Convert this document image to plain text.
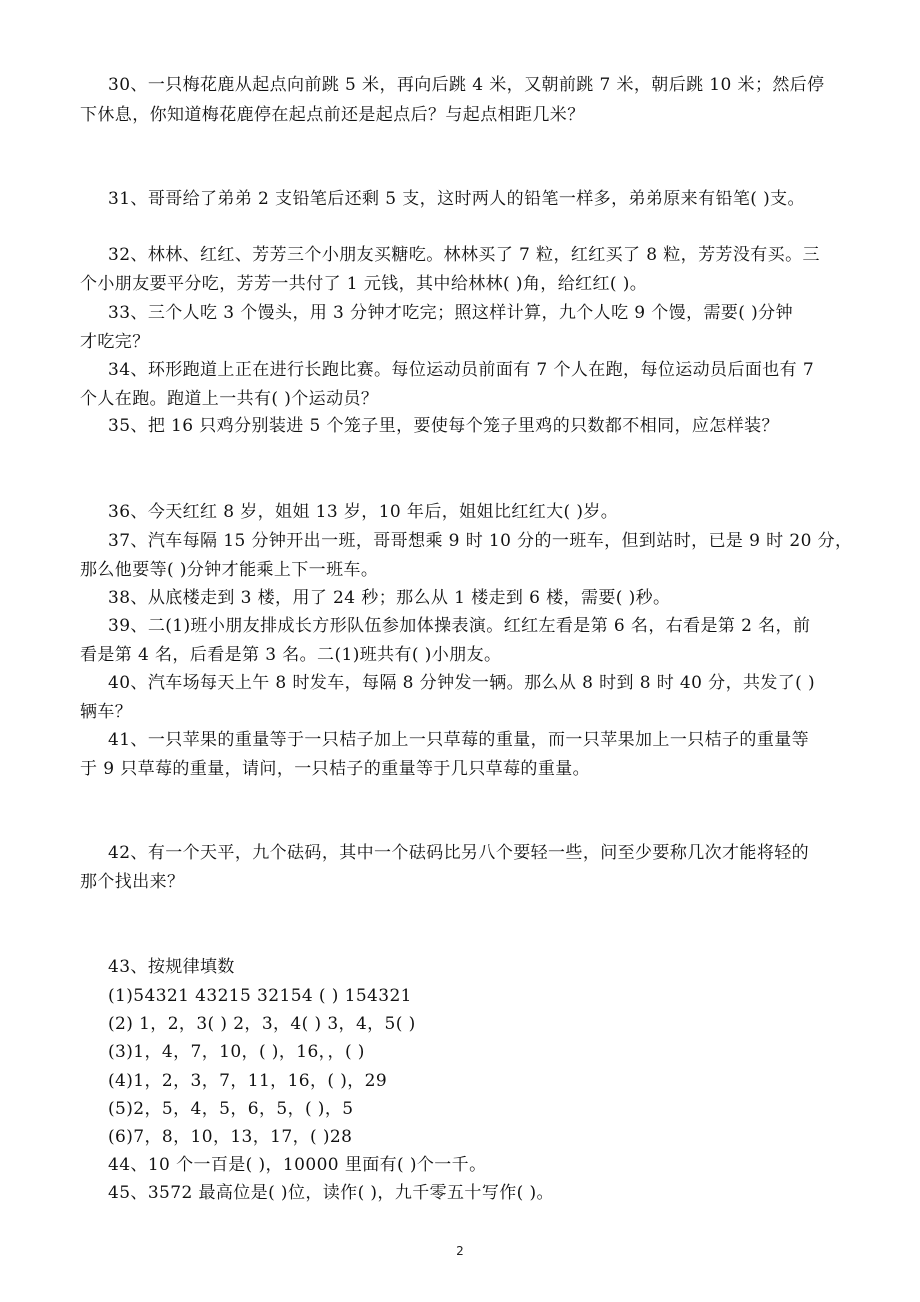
30、一只梅花鹿从起点向前跳 5 米，再向后跳 4 米，又朝前跳 7 米，朝后跳 10 米；然后停
下休息，你知道梅花鹿停在起点前还是起点后？与起点相距几米？
31、哥哥给了弟弟 2 支铅笔后还剩 5 支，这时两人的铅笔一样多，弟弟原来有铅笔( )支。
32、林林、红红、芳芳三个小朋友买糖吃。林林买了 7 粒，红红买了 8 粒，芳芳没有买。三
个小朋友要平分吃，芳芳一共付了 1 元钱，其中给林林( )角，给红红( )。
33、三个人吃 3 个馒头，用 3 分钟才吃完；照这样计算，九个人吃 9 个馒，需要( )分钟
才吃完？
34、环形跑道上正在进行长跑比赛。每位运动员前面有 7 个人在跑，每位运动员后面也有 7
个人在跑。跑道上一共有( )个运动员？
35、把 16 只鸡分别装进 5 个笼子里，要使每个笼子里鸡的只数都不相同，应怎样装？
36、今天红红 8 岁，姐姐 13 岁，10 年后，姐姐比红红大( )岁。
37、汽车每隔 15 分钟开出一班，哥哥想乘 9 时 10 分的一班车，但到站时，已是 9 时 20 分，
那么他要等( )分钟才能乘上下一班车。
38、从底楼走到 3 楼，用了 24 秒；那么从 1 楼走到 6 楼，需要( )秒。
39、二(1)班小朋友排成长方形队伍参加体操表演。红红左看是第 6 名，右看是第 2 名，前
看是第 4 名，后看是第 3 名。二(1)班共有( )小朋友。
40、汽车场每天上午 8 时发车，每隔 8 分钟发一辆。那么从 8 时到 8 时 40 分，共发了( )
辆车？
41、一只苹果的重量等于一只桔子加上一只草莓的重量，而一只苹果加上一只桔子的重量等
于 9 只草莓的重量，请问，一只桔子的重量等于几只草莓的重量。
42、有一个天平，九个砝码，其中一个砝码比另八个要轻一些，问至少要称几次才能将轻的
那个找出来？
43、按规律填数
(1)54321 43215 32154 ( ) 154321
(2) 1，2，3( ) 2，3，4( ) 3，4，5( )
(3)1，4，7，10，( )，16，，( )
(4)1，2，3，7，11，16，( )，29
(5)2，5，4，5，6，5，( )，5
(6)7，8，10，13，17，( )28
44、10 个一百是( )，10000 里面有( )个一千。
45、3572 最高位是( )位，读作( )，九千零五十写作( )。
2
